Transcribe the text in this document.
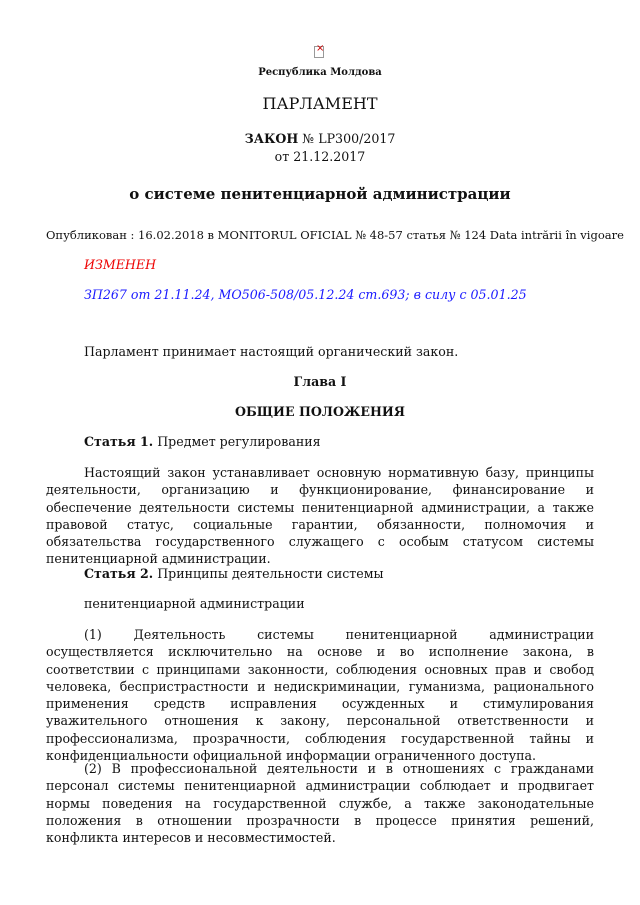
×
Республика Молдова
ПАРЛАМЕНТ
ЗАКОН № LP300/2017
от 21.12.2017
о системе пенитенциарной администрации
Опубликован : 16.02.2018 в MONITORUL OFICIAL № 48-57 статья № 124 Data intrării în vigoare
ИЗМЕНЕН
ЗП267 от 21.11.24, МО506-508/05.12.24 ст.693; в силу с 05.01.25
Парламент принимает настоящий органический закон.
Глава I
ОБЩИЕ ПОЛОЖЕНИЯ
Статья 1. Предмет регулирования
Настоящий закон устанавливает основную нормативную базу, принципы деятельности, организацию и функционирование, финансирование и обеспечение деятельности системы пенитенциарной администрации, а также правовой статус, социальные гарантии, обязанности, полномочия и обязательства государственного служащего с особым статусом системы пенитенциарной администрации.
Статья 2. Принципы деятельности системы
пенитенциарной администрации
(1) Деятельность системы пенитенциарной администрации осуществляется исключительно на основе и во исполнение закона, в соответствии с принципами законности, соблюдения основных прав и свобод человека, беспристрастности и недискриминации, гуманизма, рационального применения средств исправления осужденных и стимулирования уважительного отношения к закону, персональной ответственности и профессионализма, прозрачности, соблюдения государственной тайны и конфиденциальности официальной информации ограниченного доступа.
(2) В профессиональной деятельности и в отношениях с гражданами персонал системы пенитенциарной администрации соблюдает и продвигает нормы поведения на государственной службе, а также законодательные положения в отношении прозрачности в процессе принятия решений, конфликта интересов и несовместимостей.
